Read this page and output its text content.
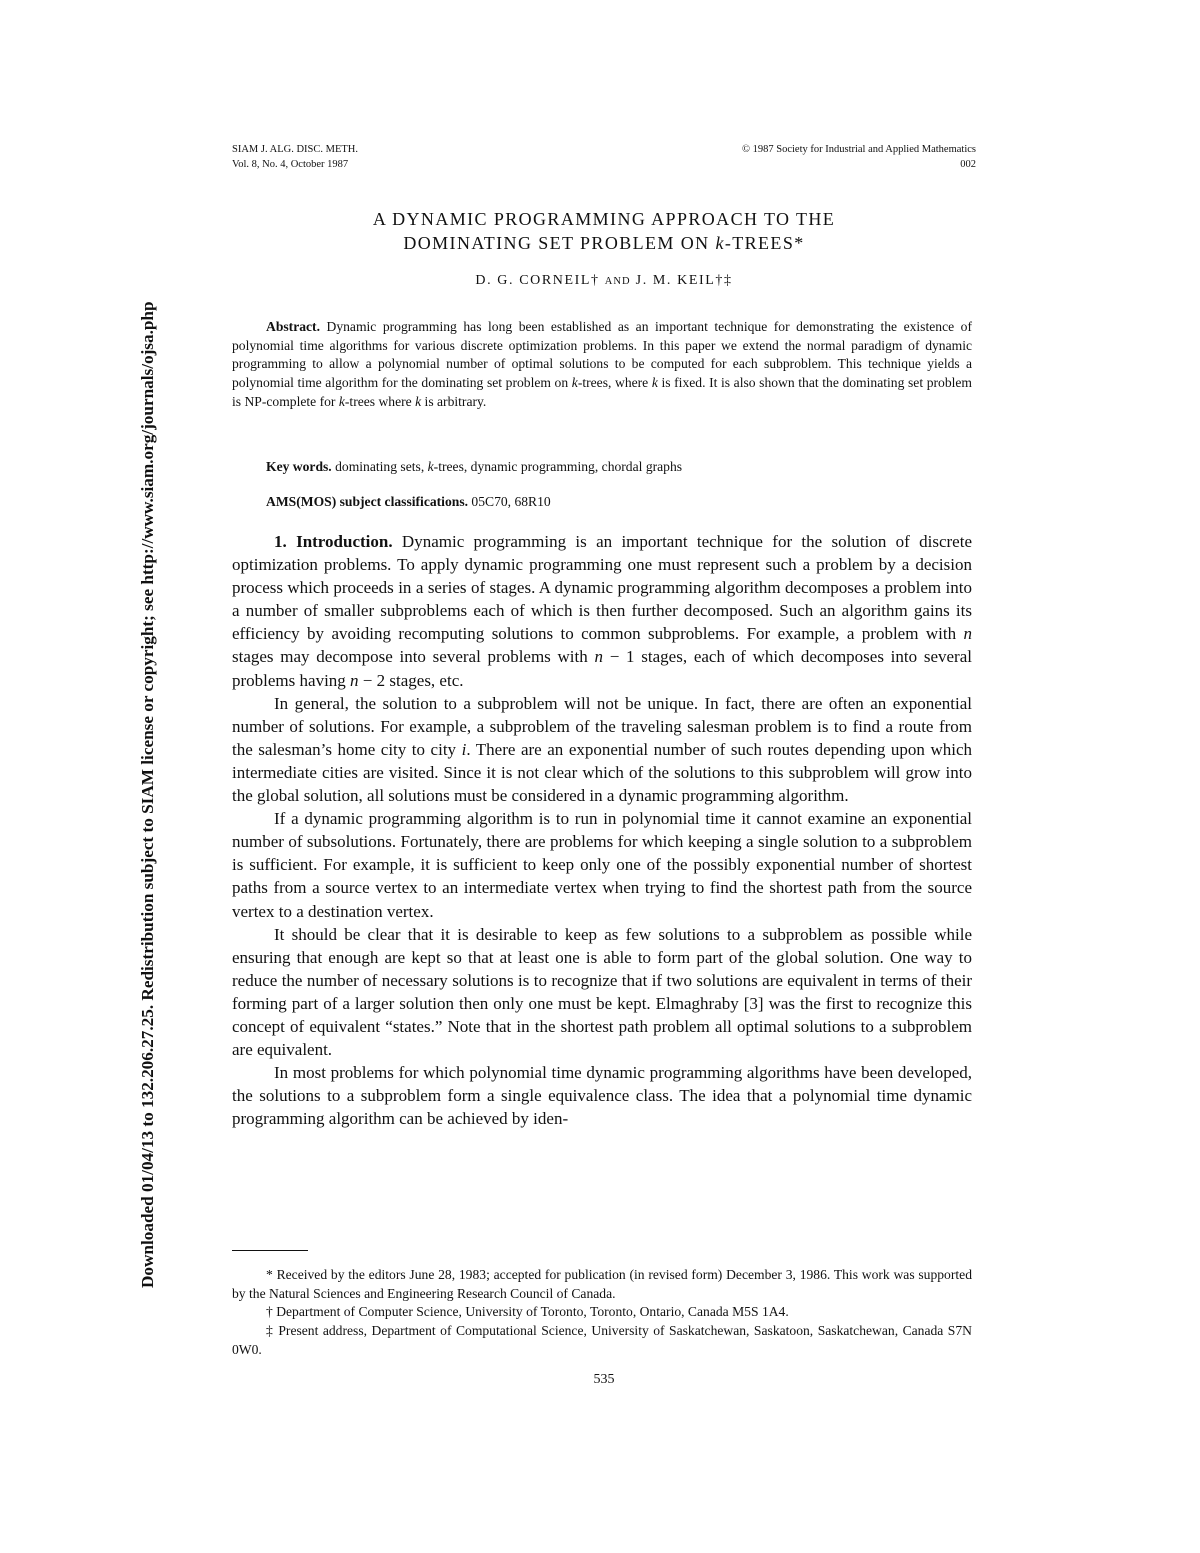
Downloaded 01/04/13 to 132.206.27.25. Redistribution subject to SIAM license or copyright; see http://www.siam.org/journals/ojsa.php
SIAM J. ALG. DISC. METH.
Vol. 8, No. 4, October 1987
© 1987 Society for Industrial and Applied Mathematics
002
A DYNAMIC PROGRAMMING APPROACH TO THE
DOMINATING SET PROBLEM ON k-TREES*
D. G. CORNEIL† AND J. M. KEIL†‡

Abstract. Dynamic programming has long been established as an important technique for demonstrating the existence of polynomial time algorithms for various discrete optimization problems. In this paper we extend the normal paradigm of dynamic programming to allow a polynomial number of optimal solutions to be computed for each subproblem. This technique yields a polynomial time algorithm for the dominating set problem on k-trees, where k is fixed. It is also shown that the dominating set problem is NP-complete for k-trees where k is arbitrary.

Key words. dominating sets, k-trees, dynamic programming, chordal graphs

AMS(MOS) subject classifications. 05C70, 68R10

1. Introduction. Dynamic programming is an important technique for the solution of discrete optimization problems. To apply dynamic programming one must represent such a problem by a decision process which proceeds in a series of stages. A dynamic programming algorithm decomposes a problem into a number of smaller subproblems each of which is then further decomposed. Such an algorithm gains its efficiency by avoiding recomputing solutions to common subproblems. For example, a problem with n stages may decompose into several problems with n − 1 stages, each of which decomposes into several problems having n − 2 stages, etc.

In general, the solution to a subproblem will not be unique. In fact, there are often an exponential number of solutions. For example, a subproblem of the traveling salesman problem is to find a route from the salesman’s home city to city i. There are an exponential number of such routes depending upon which intermediate cities are visited. Since it is not clear which of the solutions to this subproblem will grow into the global solution, all solutions must be considered in a dynamic programming algorithm.

If a dynamic programming algorithm is to run in polynomial time it cannot examine an exponential number of subsolutions. Fortunately, there are problems for which keeping a single solution to a subproblem is sufficient. For example, it is sufficient to keep only one of the possibly exponential number of shortest paths from a source vertex to an intermediate vertex when trying to find the shortest path from the source vertex to a destination vertex.

It should be clear that it is desirable to keep as few solutions to a subproblem as possible while ensuring that enough are kept so that at least one is able to form part of the global solution. One way to reduce the number of necessary solutions is to recognize that if two solutions are equivalent in terms of their forming part of a larger solution then only one must be kept. Elmaghraby [3] was the first to recognize this concept of equivalent “states.” Note that in the shortest path problem all optimal solutions to a subproblem are equivalent.

In most problems for which polynomial time dynamic programming algorithms have been developed, the solutions to a subproblem form a single equivalence class. The idea that a polynomial time dynamic programming algorithm can be achieved by iden-

* Received by the editors June 28, 1983; accepted for publication (in revised form) December 3, 1986. This work was supported by the Natural Sciences and Engineering Research Council of Canada.

† Department of Computer Science, University of Toronto, Toronto, Ontario, Canada M5S 1A4.

‡ Present address, Department of Computational Science, University of Saskatchewan, Saskatoon, Saskatchewan, Canada S7N 0W0.

535
